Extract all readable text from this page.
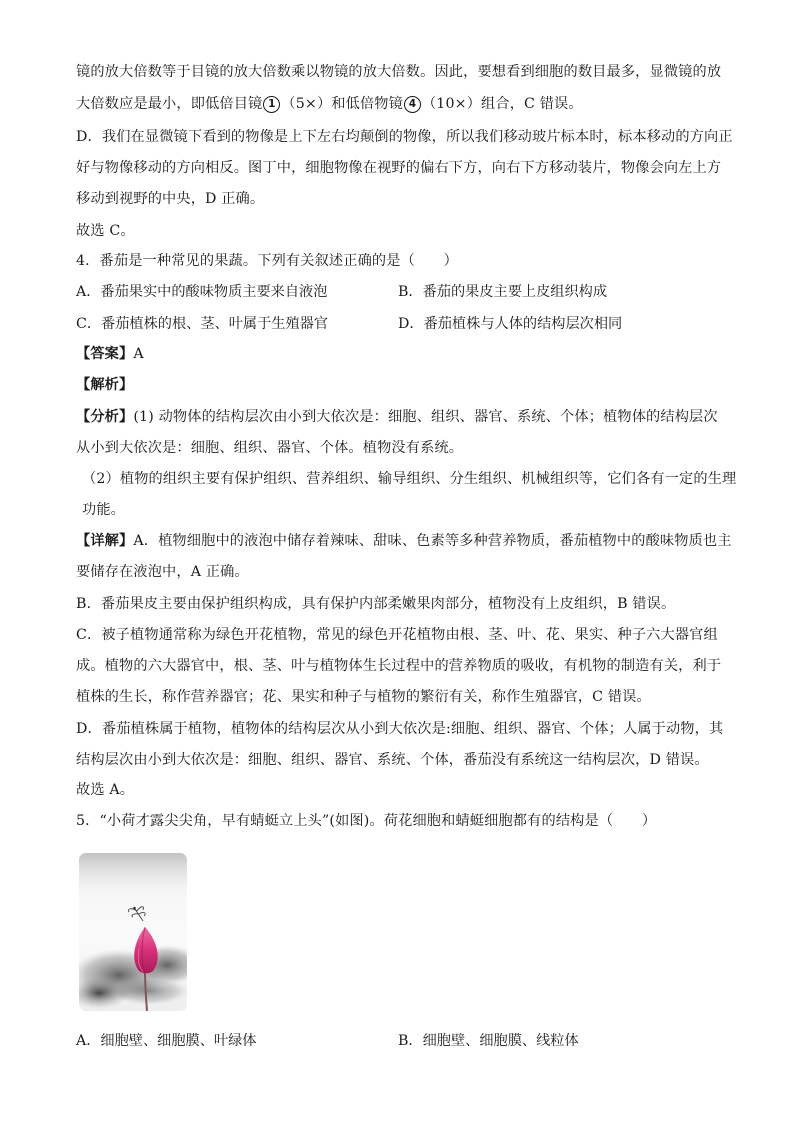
镜的放大倍数等于目镜的放大倍数乘以物镜的放大倍数。因此，要想看到细胞的数目最多，显微镜的放
大倍数应是最小，即低倍目镜 1 （5×）和低倍物镜 4 （10×）组合，C 错误。
D．我们在显微镜下看到的物像是上下左右均颠倒的物像，所以我们移动玻片标本时，标本移动的方向正
好与物像移动的方向相反。图丁中，细胞物像在视野的偏右下方，向右下方移动装片，物像会向左上方
移动到视野的中央，D 正确。
故选 C。
4．番茄是一种常见的果蔬。下列有关叙述正确的是（　　）
A．番茄果实中的酸味物质主要来自液泡	B．番茄的果皮主要上皮组织构成
C．番茄植株的根、茎、叶属于生殖器官	D．番茄植株与人体的结构层次相同
【答案】A
【解析】
【分析】(1) 动物体的结构层次由小到大依次是：细胞、组织、器官、系统、个体；植物体的结构层次
从小到大依次是：细胞、组织、器官、个体。植物没有系统。
（2）植物的组织主要有保护组织、营养组织、输导组织、分生组织、机械组织等，它们各有一定的生理
功能。
【详解】A．植物细胞中的液泡中储存着辣味、甜味、色素等多种营养物质，番茄植物中的酸味物质也主
要储存在液泡中，A 正确。
B．番茄果皮主要由保护组织构成，具有保护内部柔嫩果肉部分，植物没有上皮组织，B 错误。
C．被子植物通常称为绿色开花植物，常见的绿色开花植物由根、茎、叶、花、果实、种子六大器官组
成。植物的六大器官中，根、茎、叶与植物体生长过程中的营养物质的吸收，有机物的制造有关，利于
植株的生长，称作营养器官；花、果实和种子与植物的繁衍有关，称作生殖器官，C 错误。
D．番茄植株属于植物，植物体的结构层次从小到大依次是:细胞、组织、器官、个体；人属于动物，其
结构层次由小到大依次是：细胞、组织、器官、系统、个体，番茄没有系统这一结构层次，D 错误。
故选 A。
5．“小荷才露尖尖角，早有蜻蜓立上头”(如图)。荷花细胞和蜻蜓细胞都有的结构是（　　）
A．细胞壁、细胞膜、叶绿体	B．细胞壁、细胞膜、线粒体
